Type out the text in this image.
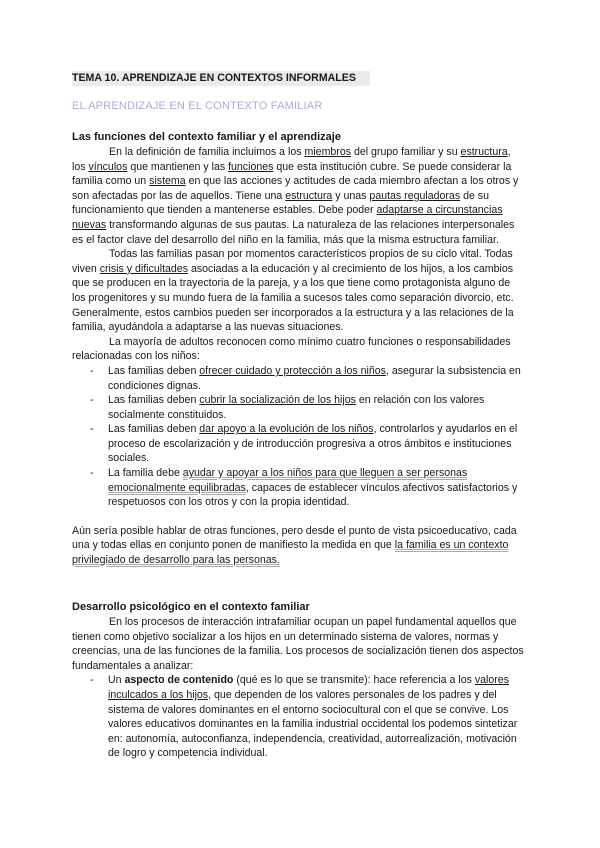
TEMA 10. APRENDIZAJE EN CONTEXTOS INFORMALES
EL APRENDIZAJE EN EL CONTEXTO FAMILIAR
Las funciones del contexto familiar y el aprendizaje

En la definición de familia incluimos a los miembros del grupo familiar y su estructura, los vínculos que mantienen y las funciones que esta institución cubre. Se puede considerar la familia como un sistema en que las acciones y actitudes de cada miembro afectan a los otros y son afectadas por las de aquellos. Tiene una estructura y unas pautas reguladoras de su funcionamiento que tienden a mantenerse estables. Debe poder adaptarse a circunstancias nuevas transformando algunas de sus pautas. La naturaleza de las relaciones interpersonales es el factor clave del desarrollo del niño en la familia, más que la misma estructura familiar.

Todas las familias pasan por momentos característicos propios de su ciclo vital. Todas viven crisis y dificultades asociadas a la educación y al crecimiento de los hijos, a los cambios que se producen en la trayectoria de la pareja, y a los que tiene como protagonista alguno de los progenitores y su mundo fuera de la familia a sucesos tales como separación divorcio, etc. Generalmente, estos cambios pueden ser incorporados a la estructura y a las relaciones de la familia, ayudándola a adaptarse a las nuevas situaciones.

La mayoría de adultos reconocen como mínimo cuatro funciones o responsabilidades relacionadas con los niños:

- Las familias deben ofrecer cuidado y protección a los niños, asegurar la subsistencia en condiciones dignas.

- Las familias deben cubrir la socialización de los hijos en relación con los valores socialmente constituidos.

- Las familias deben dar apoyo a la evolución de los niños, controlarlos y ayudarlos en el proceso de escolarización y de introducción progresiva a otros ámbitos e instituciones sociales.

- La familia debe ayudar y apoyar a los niños para que lleguen a ser personas emocionalmente equilibradas, capaces de establecer vínculos afectivos satisfactorios y respetuosos con los otros y con la propia identidad.

Aún sería posible hablar de otras funciones, pero desde el punto de vista psicoeducativo, cada una y todas ellas en conjunto ponen de manifiesto la medida en que la familia es un contexto privilegiado de desarrollo para las personas.

Desarrollo psicológico en el contexto familiar

En los procesos de interacción intrafamiliar ocupan un papel fundamental aquellos que tienen como objetivo socializar a los hijos en un determinado sistema de valores, normas y creencias, una de las funciones de la familia. Los procesos de socialización tienen dos aspectos fundamentales a analizar:

- Un aspecto de contenido (qué es lo que se transmite): hace referencia a los valores inculcados a los hijos, que dependen de los valores personales de los padres y del sistema de valores dominantes en el entorno sociocultural con el que se convive. Los valores educativos dominantes en la familia industrial occidental los podemos sintetizar en: autonomía, autoconfianza, independencia, creatividad, autorrealización, motivación de logro y competencia individual.
